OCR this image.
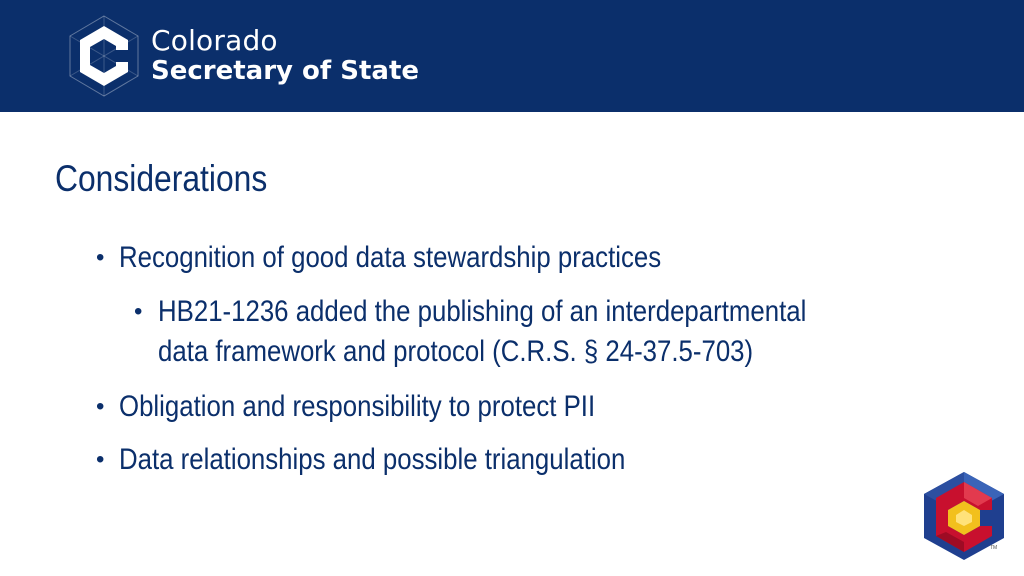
Colorado
Secretary of State
Considerations
• Recognition of good data stewardship practices
• HB21-1236 added the publishing of an interdepartmental
data framework and protocol (C.R.S. § 24-37.5-703)
• Obligation and responsibility to protect PII
• Data relationships and possible triangulation
TM
